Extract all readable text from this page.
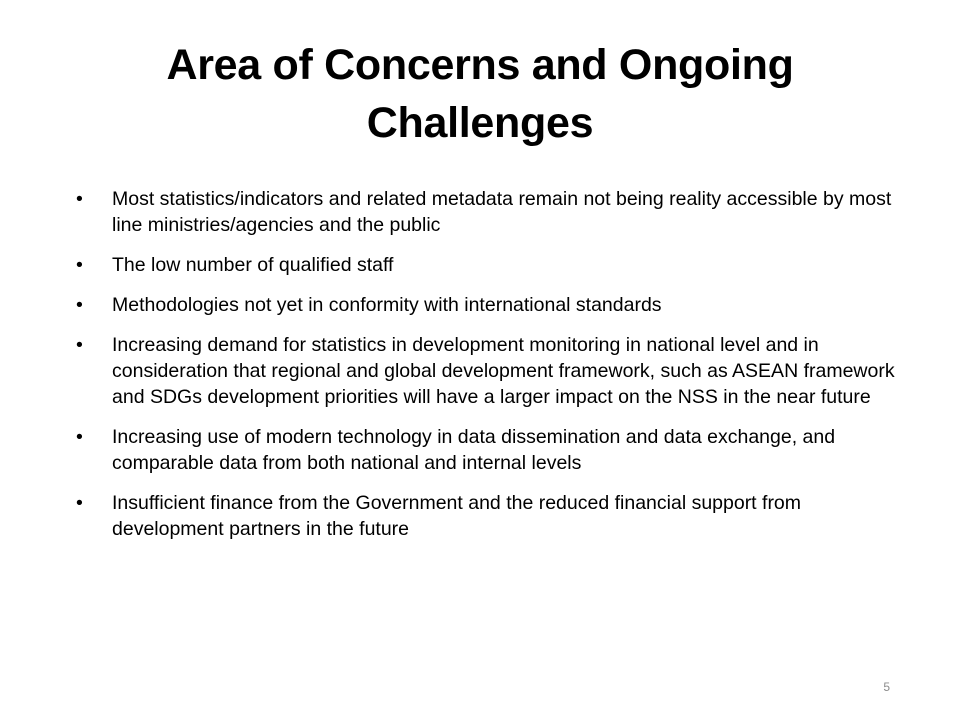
Area of Concerns and Ongoing Challenges
•	Most statistics/indicators and related metadata remain not being reality accessible by most line ministries/agencies and the public
•	The low number of qualified staff
•	Methodologies not yet in conformity with international standards
•	Increasing demand for statistics in development monitoring in national level and in consideration that regional and global development framework, such as ASEAN framework and SDGs development priorities will have a larger impact on the NSS in the near future
•	Increasing use of modern technology in data dissemination and data exchange, and comparable data from both national and internal levels
•	Insufficient finance from the Government and the reduced financial support from development partners in the future
5
